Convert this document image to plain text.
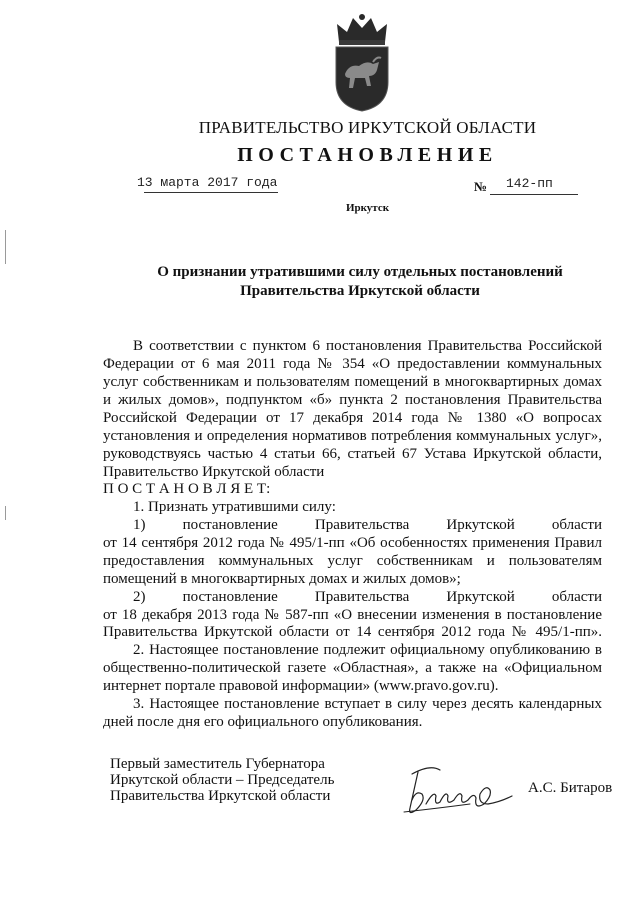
ПРАВИТЕЛЬСТВО ИРКУТСКОЙ ОБЛАСТИ
ПОСТАНОВЛЕНИЕ
13 марта 2017 года	№ 142-пп
Иркутск
О признании утратившими силу отдельных постановлений
Правительства Иркутской области
В соответствии с пунктом 6 постановления Правительства Российской
Федерации от 6 мая 2011 года № 354 «О предоставлении коммунальных
услуг собственникам и пользователям помещений в многоквартирных домах
и жилых домов», подпунктом «б» пункта 2 постановления Правительства
Российской Федерации от 17 декабря 2014 года № 1380 «О вопросах
установления и определения нормативов потребления коммунальных услуг»,
руководствуясь частью 4 статьи 66, статьей 67 Устава Иркутской области,
Правительство Иркутской области
П О С Т А Н О В Л Я Е Т:
1. Признать утратившими силу:
1) постановление Правительства Иркутской области
от 14 сентября 2012 года № 495/1-пп «Об особенностях применения Правил
предоставления коммунальных услуг собственникам и пользователям
помещений в многоквартирных домах и жилых домов»;
2) постановление Правительства Иркутской области
от 18 декабря 2013 года № 587-пп «О внесении изменения в постановление
Правительства Иркутской области от 14 сентября 2012 года № 495/1-пп».
2. Настоящее постановление подлежит официальному опубликованию в
общественно-политической газете «Областная», а также на «Официальном
интернет портале правовой информации» (www.pravo.gov.ru).
3. Настоящее постановление вступает в силу через десять календарных
дней после дня его официального опубликования.
Первый заместитель Губернатора
Иркутской области – Председатель
Правительства Иркутской области	А.С. Битаров
